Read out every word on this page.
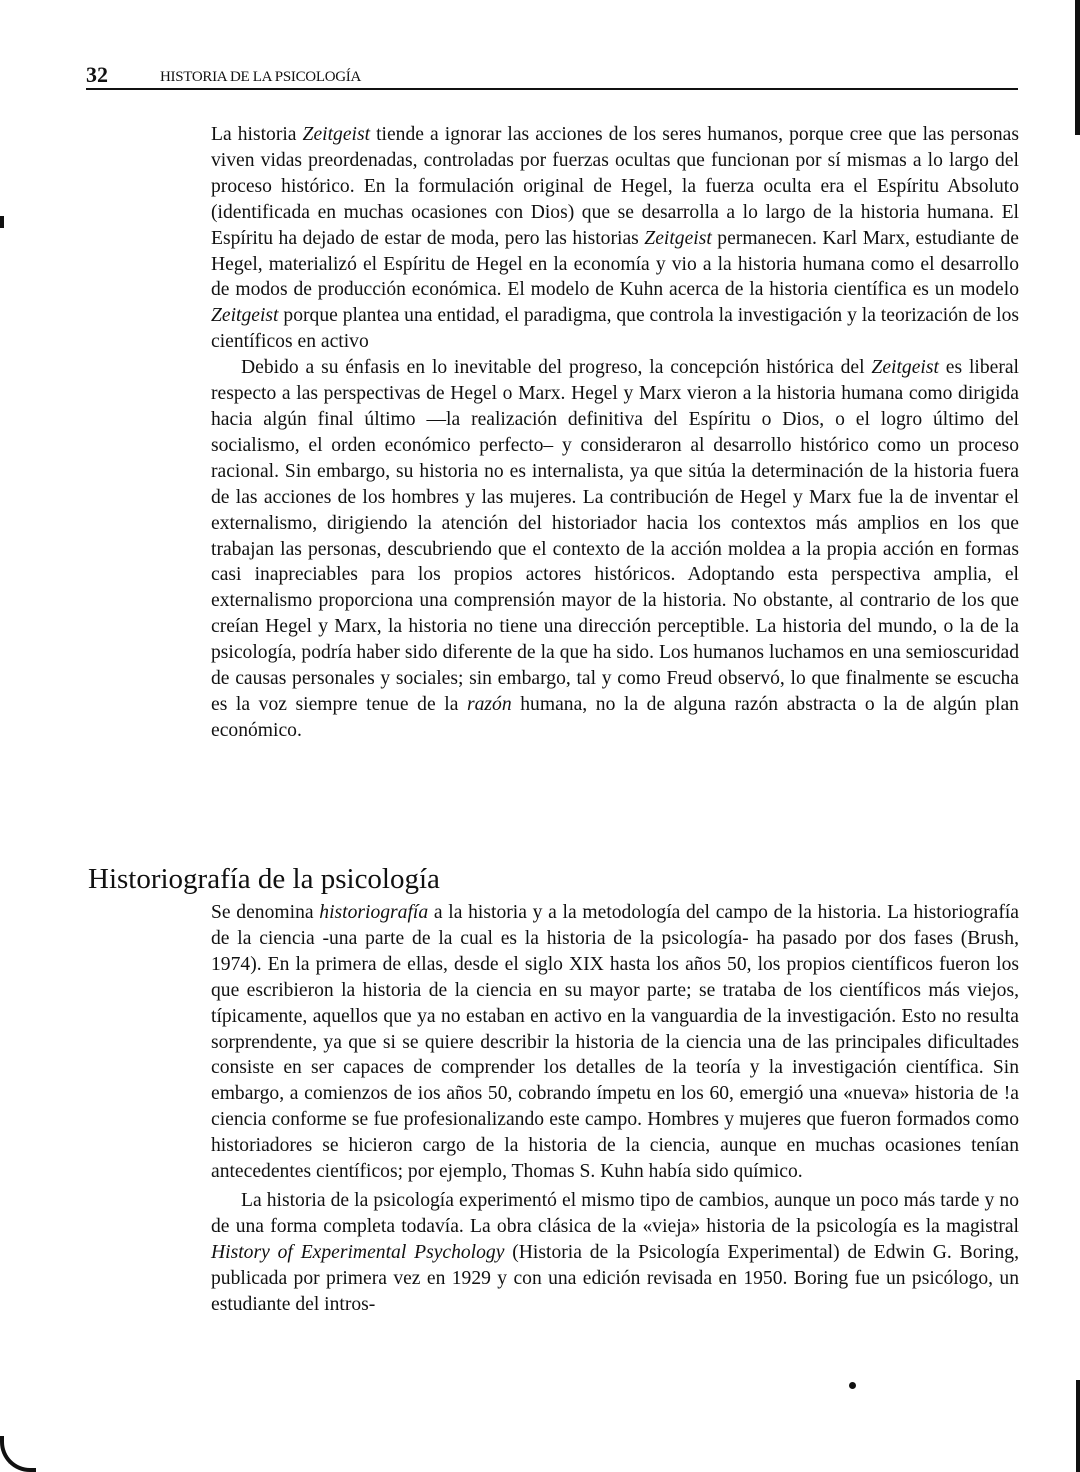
32	HISTORIA DE LA PSICOLOGÍA

La historia Zeitgeist tiende a ignorar las acciones de los seres humanos, porque cree que las personas viven vidas preordenadas, controladas por fuerzas ocultas que funcionan por sí mismas a lo largo del proceso histórico. En la formulación original de Hegel, la fuerza oculta era el Espíritu Absoluto (identificada en muchas ocasiones con Dios) que se desarrolla a lo largo de la historia humana. El Espíritu ha dejado de estar de moda, pero las historias Zeitgeist permanecen. Karl Marx, estudiante de Hegel, materializó el Espíritu de Hegel en la economía y vio a la historia humana como el desarrollo de modos de producción económica. El modelo de Kuhn acerca de la historia científica es un modelo Zeitgeist porque plantea una entidad, el paradigma, que controla la investigación y la teorización de los científicos en activo

Debido a su énfasis en lo inevitable del progreso, la concepción histórica del Zeitgeist es liberal respecto a las perspectivas de Hegel o Marx. Hegel y Marx vieron a la historia humana como dirigida hacia algún final último —la realización definitiva del Espíritu o Dios, o el logro último del socialismo, el orden económico perfecto– y consideraron al desarrollo histórico como un proceso racional. Sin embargo, su historia no es internalista, ya que sitúa la determinación de la historia fuera de las acciones de los hombres y las mujeres. La contribución de Hegel y Marx fue la de inventar el externalismo, dirigiendo la atención del historiador hacia los contextos más amplios en los que trabajan las personas, descubriendo que el contexto de la acción moldea a la propia acción en formas casi inapreciables para los propios actores históricos. Adoptando esta perspectiva amplia, el externalismo proporciona una comprensión mayor de la historia. No obstante, al contrario de los que creían Hegel y Marx, la historia no tiene una dirección perceptible. La historia del mundo, o la de la psicología, podría haber sido diferente de la que ha sido. Los humanos luchamos en una semioscuridad de causas personales y sociales; sin embargo, tal y como Freud observó, lo que finalmente se escucha es la voz siempre tenue de la razón humana, no la de alguna razón abstracta o la de algún plan económico.

Historiografía de la psicología

Se denomina historiografía a la historia y a la metodología del campo de la historia. La historiografía de la ciencia -una parte de la cual es la historia de la psicología- ha pasado por dos fases (Brush, 1974). En la primera de ellas, desde el siglo XIX hasta los años 50, los propios científicos fueron los que escribieron la historia de la ciencia en su mayor parte; se trataba de los científicos más viejos, típicamente, aquellos que ya no estaban en activo en la vanguardia de la investigación. Esto no resulta sorprendente, ya que si se quiere describir la historia de la ciencia una de las principales dificultades consiste en ser capaces de comprender los detalles de la teoría y la investigación científica. Sin embargo, a comienzos de ios años 50, cobrando ímpetu en los 60, emergió una «nueva» historia de !a ciencia conforme se fue profesionalizando este campo. Hombres y mujeres que fueron formados como historiadores se hicieron cargo de la historia de la ciencia, aunque en muchas ocasiones tenían antecedentes científicos; por ejemplo, Thomas S. Kuhn había sido químico.

La historia de la psicología experimentó el mismo tipo de cambios, aunque un poco más tarde y no de una forma completa todavía. La obra clásica de la «vieja» historia de la psicología es la magistral History of Experimental Psychology (Historia de la Psicología Experimental) de Edwin G. Boring, publicada por primera vez en 1929 y con una edición revisada en 1950. Boring fue un psicólogo, un estudiante del intros-
